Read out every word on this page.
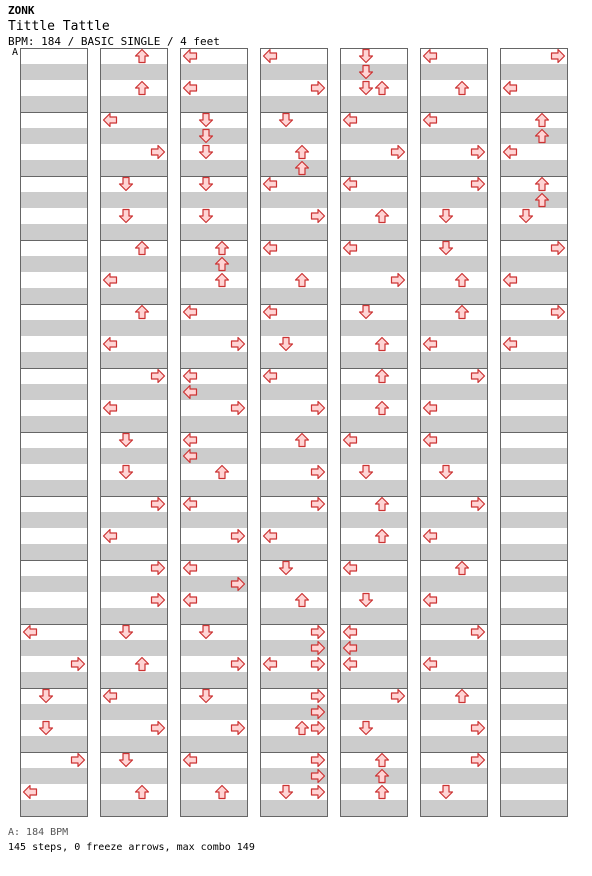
ZONK
Tittle Tattle
BPM: 184 / BASIC SINGLE / 4 feet
A
A: 184 BPM
145 steps, 0 freeze arrows, max combo 149
